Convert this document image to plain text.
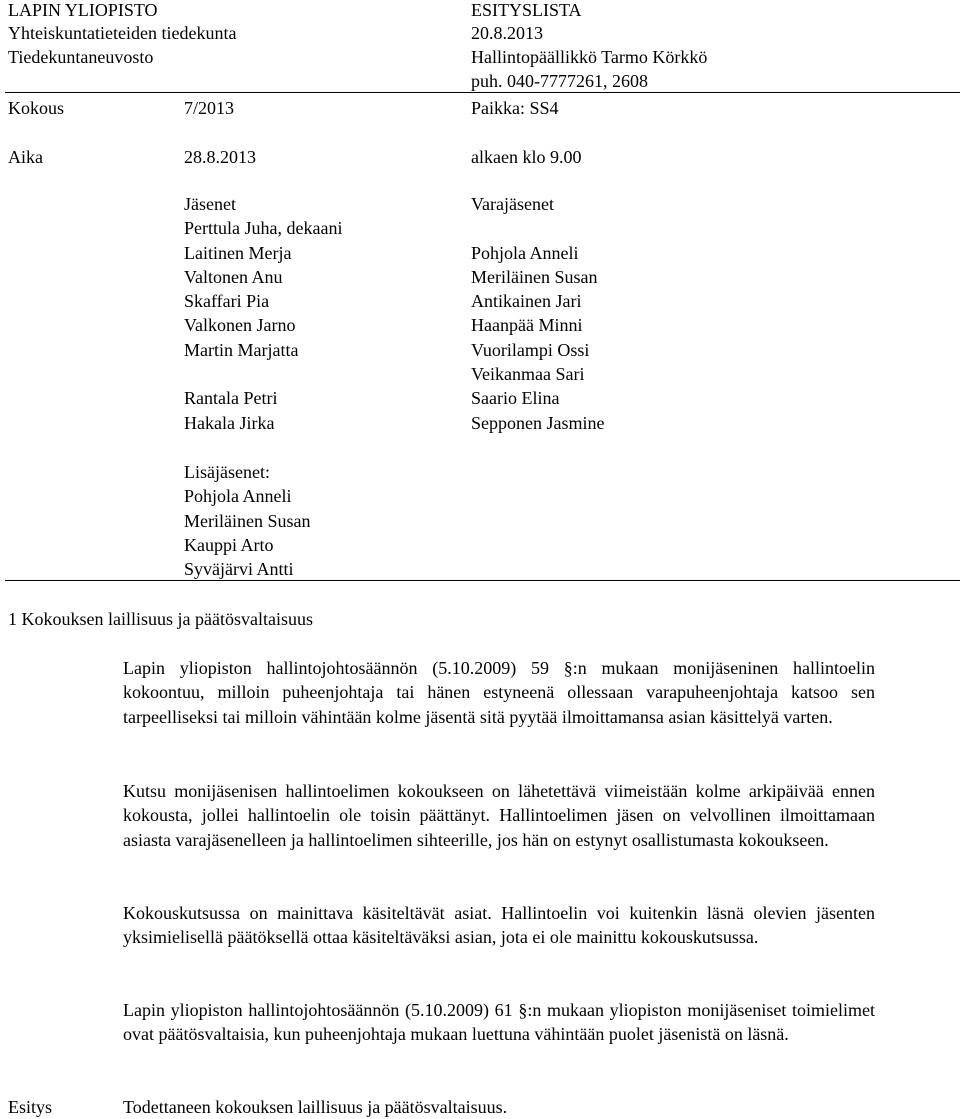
LAPIN YLIOPISTO
Yhteiskuntatieteiden tiedekunta
Tiedekuntaneuvosto
ESITYSLISTA
20.8.2013
Hallintopäällikkö Tarmo Körkkö
puh. 040-7777261, 2608
Kokous	7/2013	Paikka: SS4
Aika	28.8.2013	alkaen klo 9.00
Jäsenet
Perttula Juha, dekaani
Laitinen Merja
Valtonen Anu
Skaffari Pia
Valkonen Jarno
Martin Marjatta
Rantala Petri
Hakala Jirka
Varajäsenet
Pohjola Anneli
Meriläinen Susan
Antikainen Jari
Haanpää Minni
Vuorilampi Ossi
Veikanmaa Sari
Saario Elina
Sepponen Jasmine
Lisäjäsenet:
Pohjola Anneli
Meriläinen Susan
Kauppi Arto
Syväjärvi Antti
1 Kokouksen laillisuus ja päätösvaltaisuus

Lapin yliopiston hallintojohtosäännön (5.10.2009) 59 §:n mukaan monijäseninen hallintoelin kokoontuu, milloin puheenjohtaja tai hänen estyneenä ollessaan varapuheenjohtaja katsoo sen tarpeelliseksi tai milloin vähintään kolme jäsentä sitä pyytää ilmoittamansa asian käsittelyä varten.

Kutsu monijäsenisen hallintoelimen kokoukseen on lähetettävä viimeistään kolme arkipäivää ennen kokousta, jollei hallintoelin ole toisin päättänyt. Hallintoelimen jäsen on velvollinen ilmoittamaan asiasta varajäsenelleen ja hallintoelimen sihteerille, jos hän on estynyt osallistumasta kokoukseen.

Kokouskutsussa on mainittava käsiteltävät asiat. Hallintoelin voi kuitenkin läsnä olevien jäsenten yksimielisellä päätöksellä ottaa käsiteltäväksi asian, jota ei ole mainittu kokouskutsussa.

Lapin yliopiston hallintojohtosäännön (5.10.2009) 61 §:n mukaan yliopiston monijäseniset toimielimet ovat päätösvaltaisia, kun puheenjohtaja mukaan luettuna vähintään puolet jäsenistä on läsnä.

Esitys	Todettaneen kokouksen laillisuus ja päätösvaltaisuus.
